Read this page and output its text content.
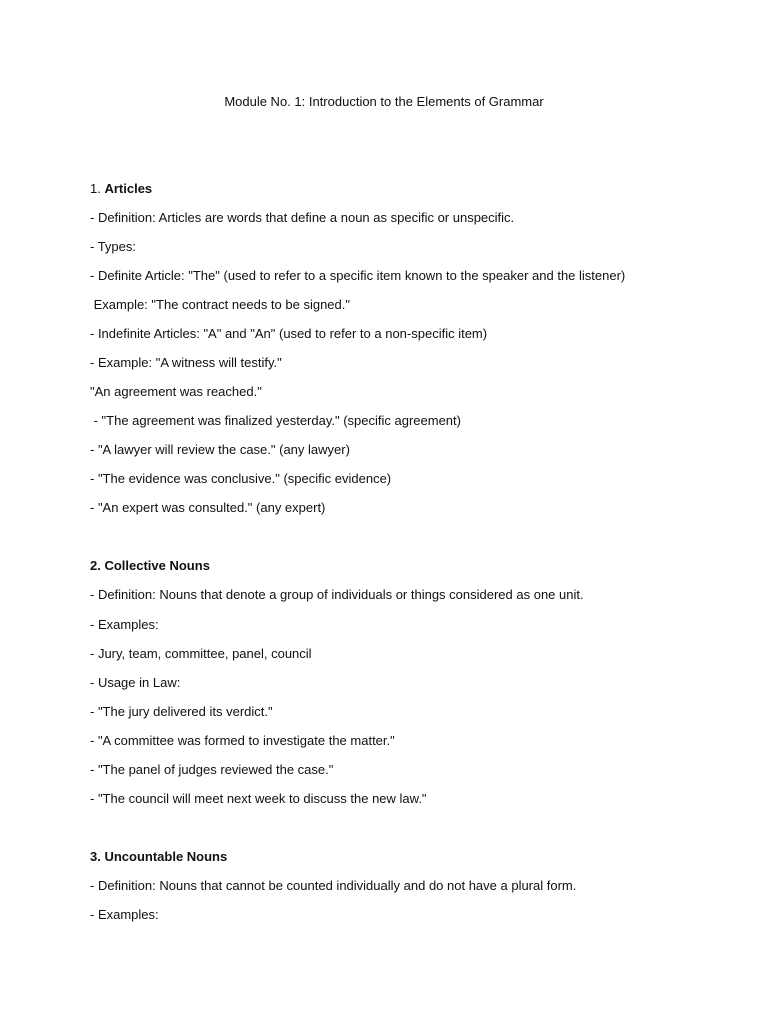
Module No. 1: Introduction to the Elements of Grammar
1. Articles
- Definition: Articles are words that define a noun as specific or unspecific.
- Types:
- Definite Article: "The" (used to refer to a specific item known to the speaker and the listener)
Example: "The contract needs to be signed."
- Indefinite Articles: "A" and "An" (used to refer to a non-specific item)
- Example: "A witness will testify."
"An agreement was reached."
- "The agreement was finalized yesterday." (specific agreement)
- "A lawyer will review the case." (any lawyer)
- "The evidence was conclusive." (specific evidence)
- "An expert was consulted." (any expert)
2. Collective Nouns
- Definition: Nouns that denote a group of individuals or things considered as one unit.
- Examples:
- Jury, team, committee, panel, council
- Usage in Law:
- "The jury delivered its verdict."
- "A committee was formed to investigate the matter."
- "The panel of judges reviewed the case."
- "The council will meet next week to discuss the new law."
3. Uncountable Nouns
- Definition: Nouns that cannot be counted individually and do not have a plural form.
- Examples:
